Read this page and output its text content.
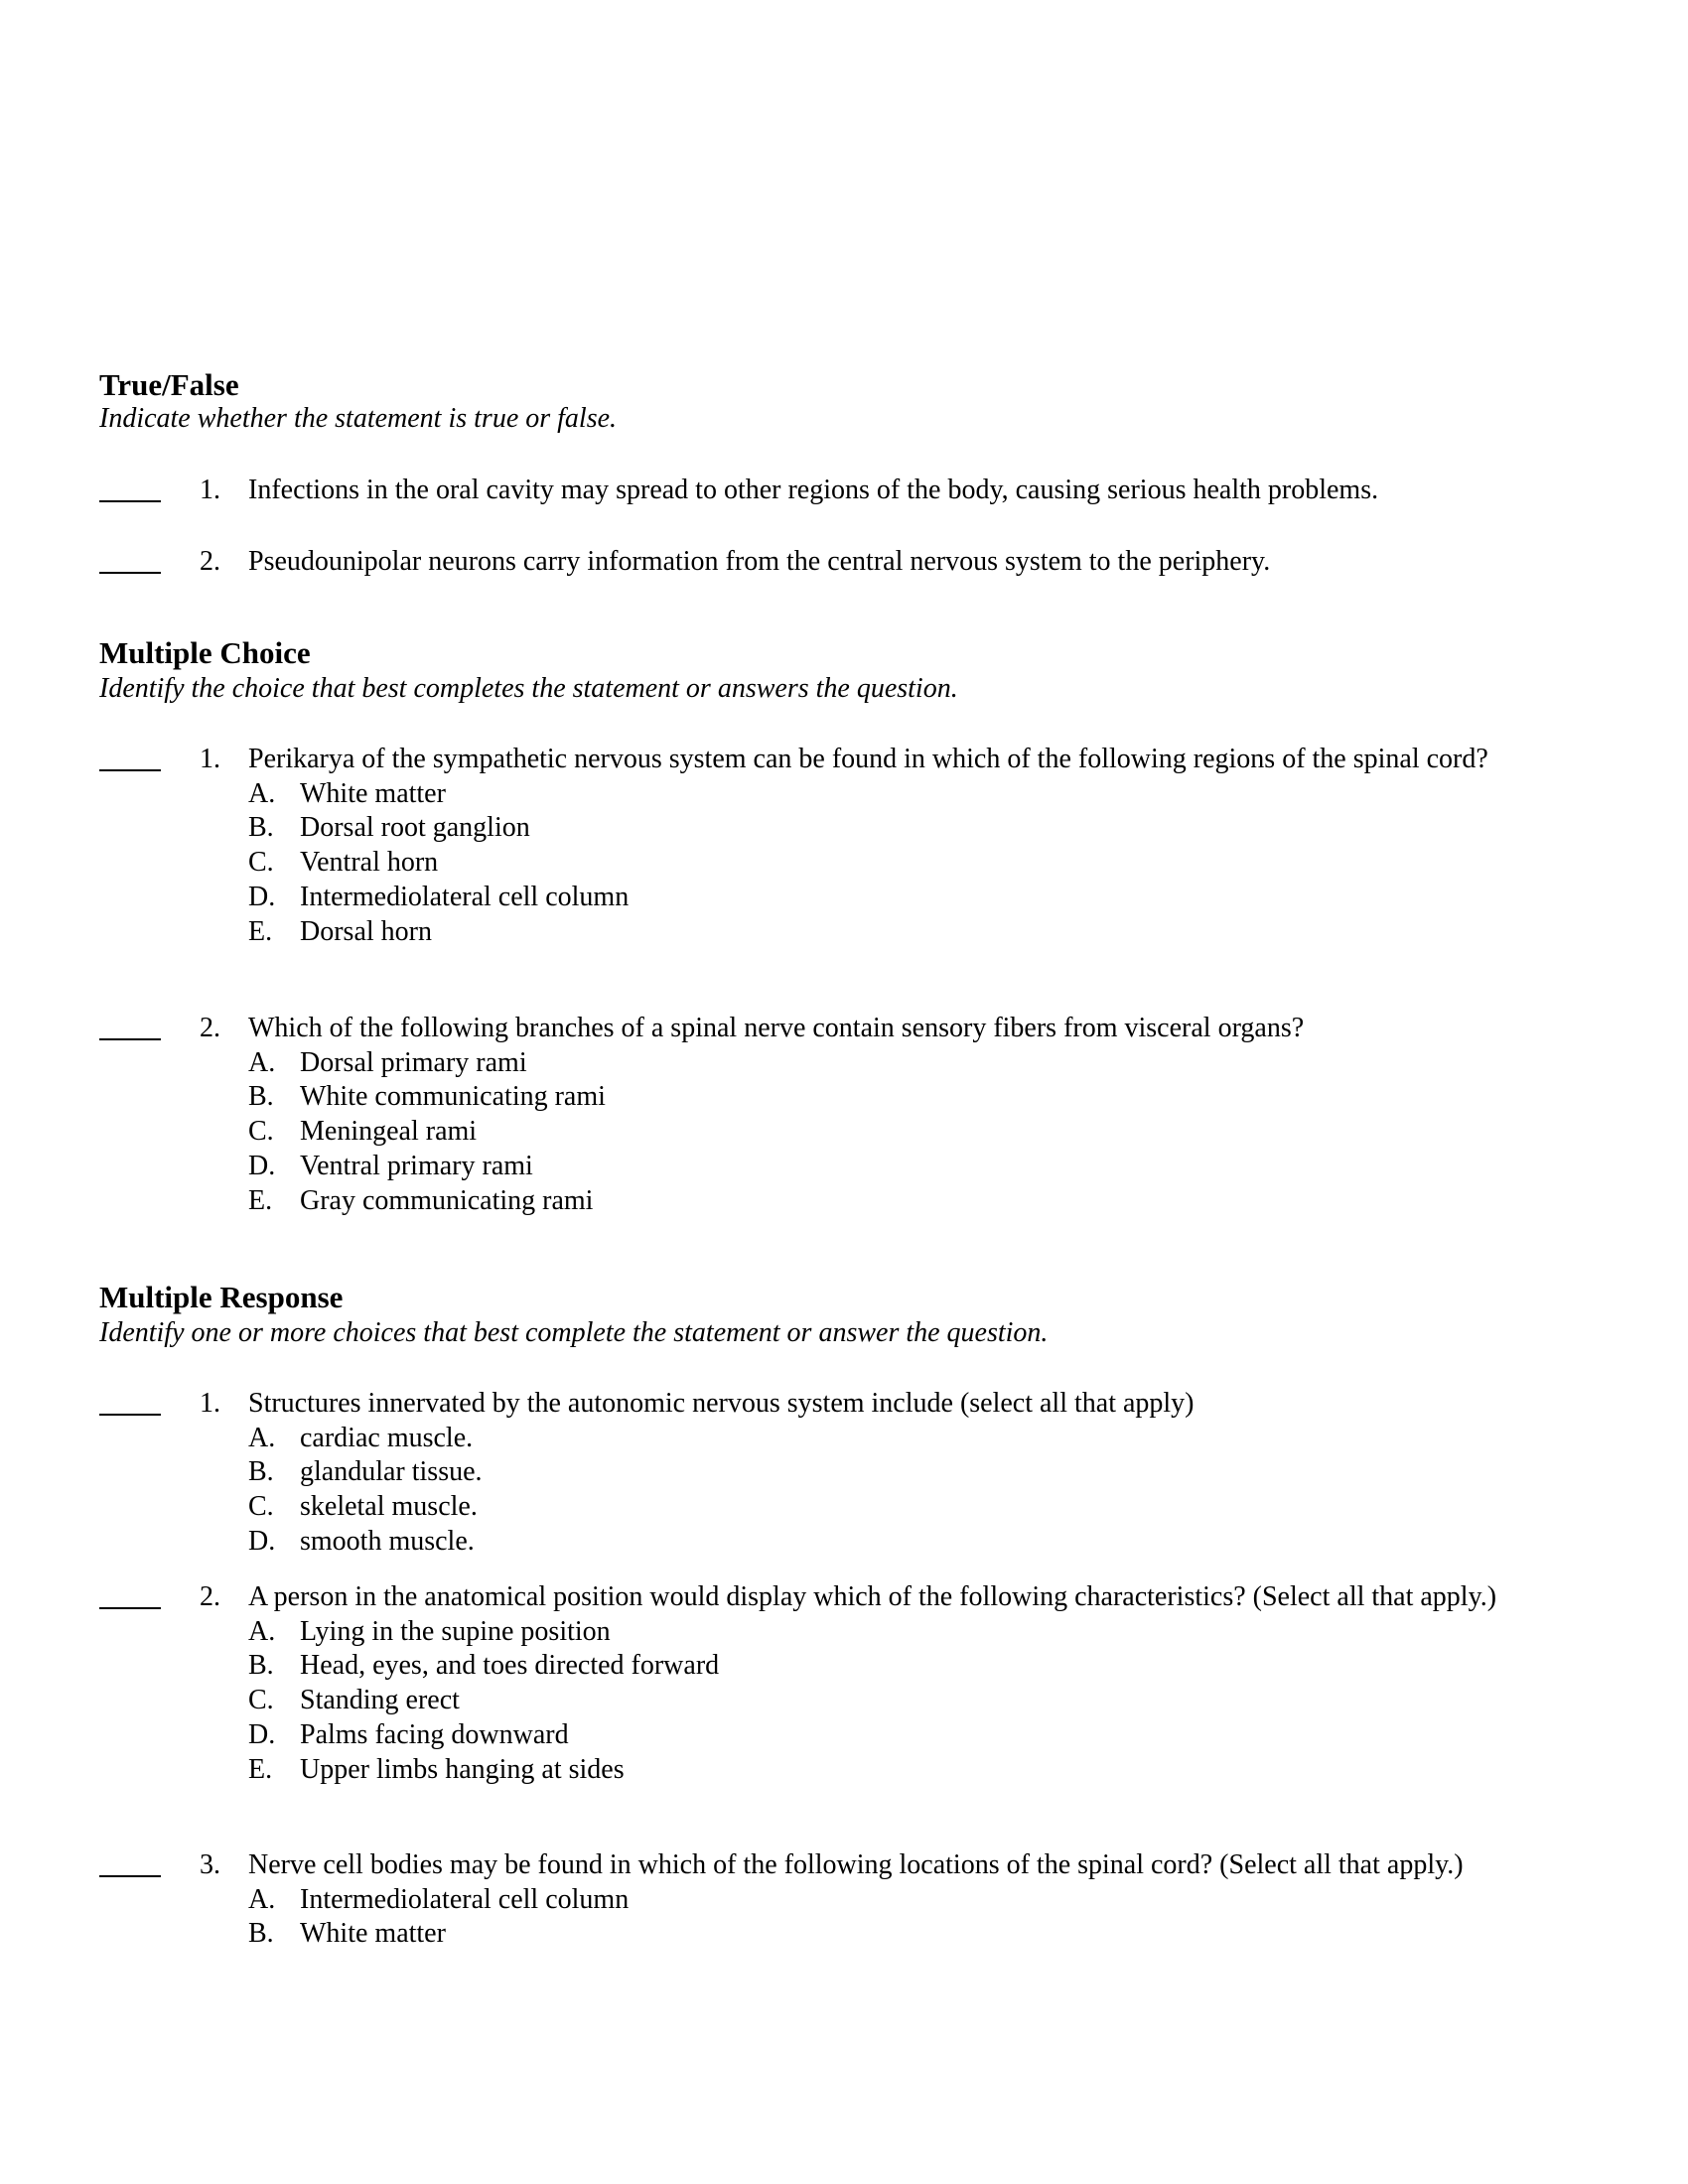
True/False
Indicate whether the statement is true or false.
1. Infections in the oral cavity may spread to other regions of the body, causing serious health problems.
2. Pseudounipolar neurons carry information from the central nervous system to the periphery.
Multiple Choice
Identify the choice that best completes the statement or answers the question.
1. Perikarya of the sympathetic nervous system can be found in which of the following regions of the spinal cord?
A. White matter
B. Dorsal root ganglion
C. Ventral horn
D. Intermediolateral cell column
E. Dorsal horn
2. Which of the following branches of a spinal nerve contain sensory fibers from visceral organs?
A. Dorsal primary rami
B. White communicating rami
C. Meningeal rami
D. Ventral primary rami
E. Gray communicating rami
Multiple Response
Identify one or more choices that best complete the statement or answer the question.
1. Structures innervated by the autonomic nervous system include (select all that apply)
A. cardiac muscle.
B. glandular tissue.
C. skeletal muscle.
D. smooth muscle.
2. A person in the anatomical position would display which of the following characteristics? (Select all that apply.)
A. Lying in the supine position
B. Head, eyes, and toes directed forward
C. Standing erect
D. Palms facing downward
E. Upper limbs hanging at sides
3. Nerve cell bodies may be found in which of the following locations of the spinal cord? (Select all that apply.)
A. Intermediolateral cell column
B. White matter
